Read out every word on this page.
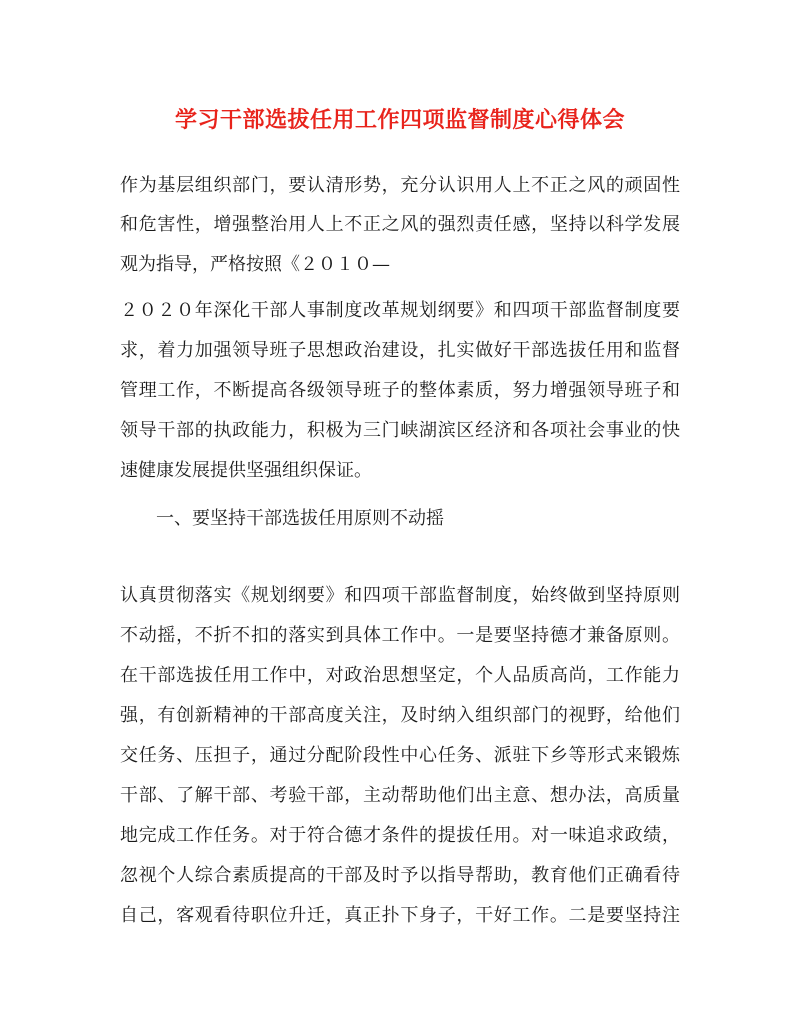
学习干部选拔任用工作四项监督制度心得体会

作为基层组织部门，要认清形势，充分认识用人上不正之风的顽固性

和危害性，增强整治用人上不正之风的强烈责任感，坚持以科学发展

观为指导，严格按照《２０１０—

２０２０年深化干部人事制度改革规划纲要》和四项干部监督制度要

求，着力加强领导班子思想政治建设，扎实做好干部选拔任用和监督

管理工作，不断提高各级领导班子的整体素质，努力增强领导班子和

领导干部的执政能力，积极为三门峡湖滨区经济和各项社会事业的快

速健康发展提供坚强组织保证。

一、要坚持干部选拔任用原则不动摇

认真贯彻落实《规划纲要》和四项干部监督制度，始终做到坚持原则

不动摇，不折不扣的落实到具体工作中。一是要坚持德才兼备原则。

在干部选拔任用工作中，对政治思想坚定，个人品质高尚，工作能力

强，有创新精神的干部高度关注，及时纳入组织部门的视野，给他们

交任务、压担子，通过分配阶段性中心任务、派驻下乡等形式来锻炼

干部、了解干部、考验干部，主动帮助他们出主意、想办法，高质量

地完成工作任务。对于符合德才条件的提拔任用。对一味追求政绩，

忽视个人综合素质提高的干部及时予以指导帮助，教育他们正确看待

自己，客观看待职位升迁，真正扑下身子，干好工作。二是要坚持注
